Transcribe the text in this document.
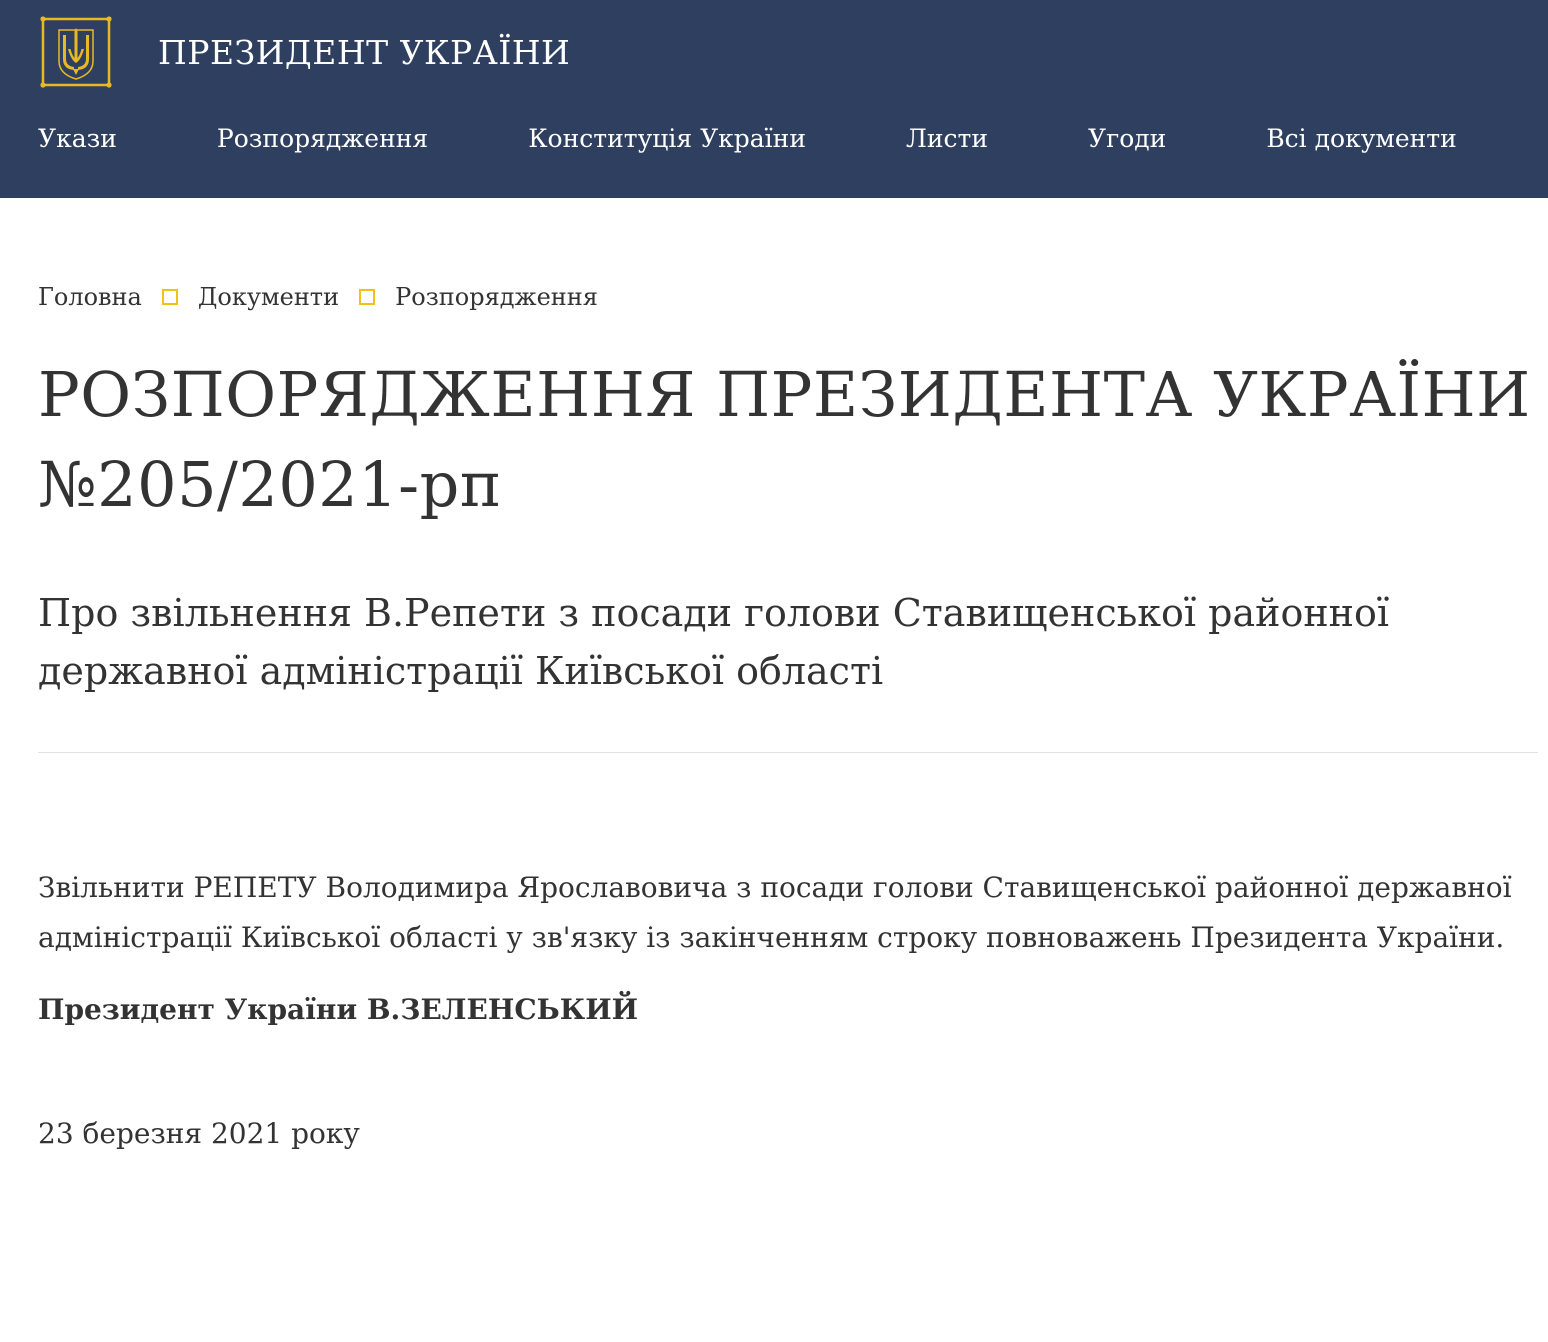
ПРЕЗИДЕНТ УКРАЇНИ
Укази	Розпорядження	Конституція України	Листи	Угоди	Всі документи
Головна Документи Розпорядження
РОЗПОРЯДЖЕННЯ ПРЕЗИДЕНТА УКРАЇНИ №205/2021-рп
Про звільнення В.Репети з посади голови Ставищенської районної державної адміністрації Київської області

Звільнити РЕПЕТУ Володимира Ярославовича з посади голови Ставищенської районної державної адміністрації Київської області у зв'язку із закінченням строку повноважень Президента України.

Президент України В.ЗЕЛЕНСЬКИЙ

23 березня 2021 року
